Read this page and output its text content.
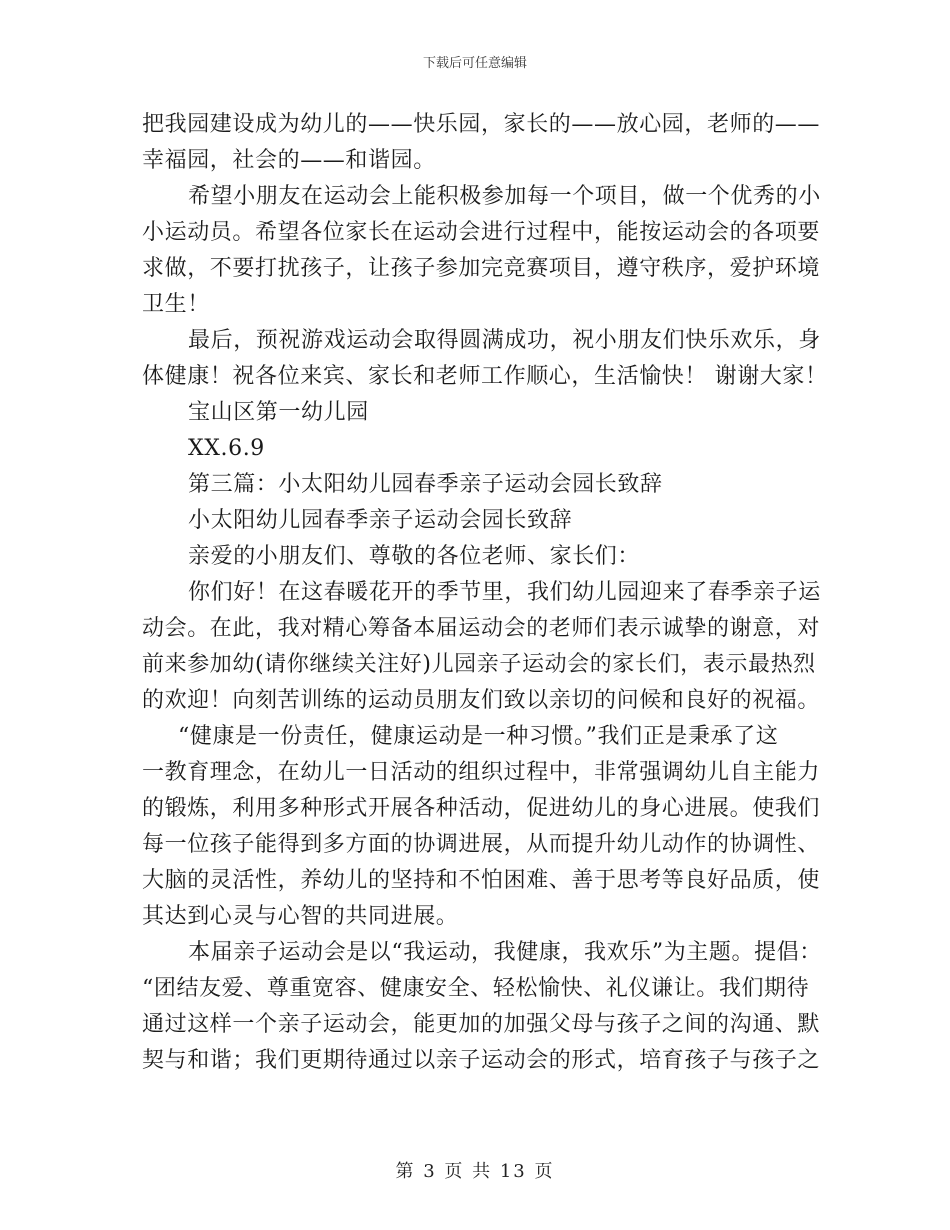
下载后可任意编辑
把我园建设成为幼儿的——快乐园，家长的——放心园，老师的——
幸福园，社会的——和谐园。
希望小朋友在运动会上能积极参加每一个项目，做一个优秀的小
小运动员。希望各位家长在运动会进行过程中，能按运动会的各项要
求做，不要打扰孩子，让孩子参加完竞赛项目，遵守秩序，爱护环境
卫生！
最后，预祝游戏运动会取得圆满成功，祝小朋友们快乐欢乐，身
体健康！祝各位来宾、家长和老师工作顺心，生活愉快！ 谢谢大家！
宝山区第一幼儿园
XX.6.9
第三篇：小太阳幼儿园春季亲子运动会园长致辞
小太阳幼儿园春季亲子运动会园长致辞
亲爱的小朋友们、尊敬的各位老师、家长们：
你们好！在这春暖花开的季节里，我们幼儿园迎来了春季亲子运
动会。在此，我对精心筹备本届运动会的老师们表示诚挚的谢意，对
前来参加幼(请你继续关注好)儿园亲子运动会的家长们，表示最热烈
的欢迎！向刻苦训练的运动员朋友们致以亲切的问候和良好的祝福。
“健康是一份责任，健康运动是一种习惯。”我们正是秉承了这
一教育理念，在幼儿一日活动的组织过程中，非常强调幼儿自主能力
的锻炼，利用多种形式开展各种活动，促进幼儿的身心进展。使我们
每一位孩子能得到多方面的协调进展，从而提升幼儿动作的协调性、
大脑的灵活性，养幼儿的坚持和不怕困难、善于思考等良好品质，使
其达到心灵与心智的共同进展。
本届亲子运动会是以“我运动，我健康，我欢乐”为主题。提倡：
“团结友爱、尊重宽容、健康安全、轻松愉快、礼仪谦让。我们期待
通过这样一个亲子运动会，能更加的加强父母与孩子之间的沟通、默
契与和谐；我们更期待通过以亲子运动会的形式，培育孩子与孩子之
第 3 页 共 13 页
